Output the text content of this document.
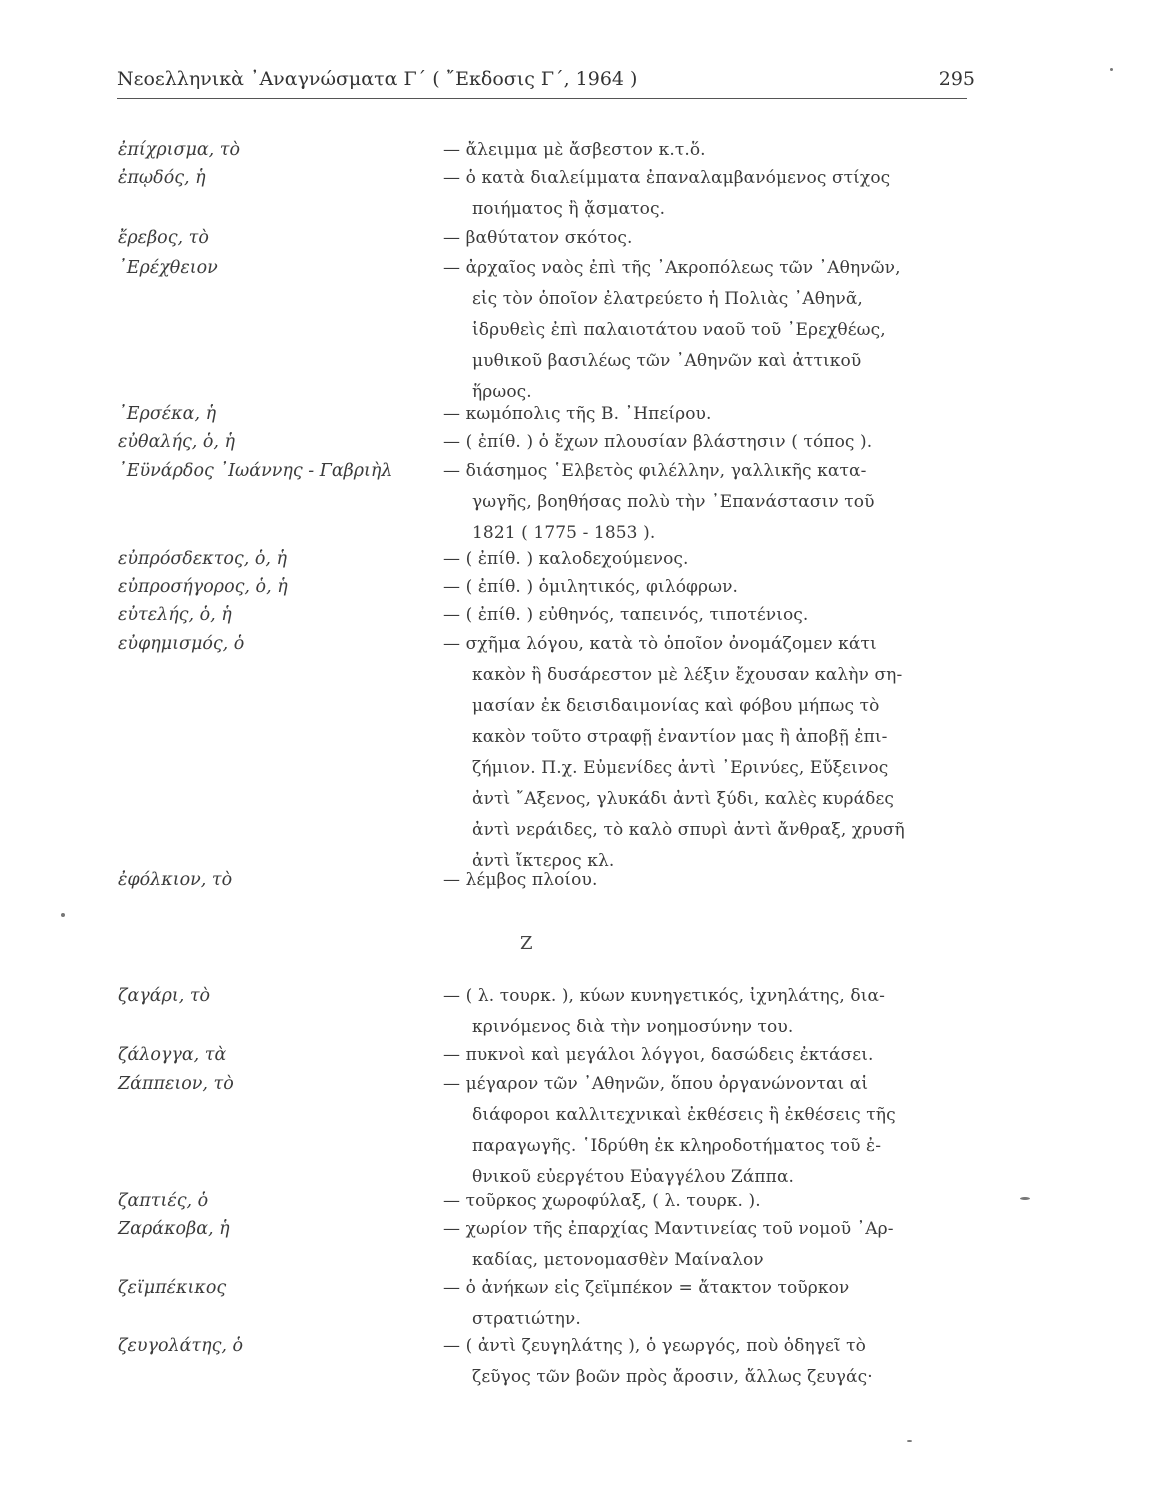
Νεοελληνικὰ ᾿Αναγνώσματα Γ΄ ( ῎Εκδοσις Γ΄, 1964 )	295
Ζ
ἐπίχρισμα, τὸ	— ἄλειμμα μὲ ἄσβεστον κ.τ.ὅ.
ἐπῳδός, ἡ	— ὁ κατὰ διαλείμματα ἐπαναλαμβανόμενος στίχος
ποιήματος ἢ ᾄσματος.
ἔρεβος, τὸ	— βαθύτατον σκότος.
᾿Ερέχθειον	— ἀρχαῖος ναὸς ἐπὶ τῆς ᾿Ακροπόλεως τῶν ᾿Αθηνῶν,
εἰς τὸν ὁποῖον ἐλατρεύετο ἡ Πολιὰς ᾿Αθηνᾶ,
ἱδρυθεὶς ἐπὶ παλαιοτάτου ναοῦ τοῦ ᾿Ερεχθέως,
μυθικοῦ βασιλέως τῶν ᾿Αθηνῶν καὶ ἀττικοῦ
ἥρωος.
᾿Ερσέκα, ἡ	— κωμόπολις τῆς Β. ᾿Ηπείρου.
εὐθαλής, ὁ, ἡ	— ( ἐπίθ. ) ὁ ἔχων πλουσίαν βλάστησιν ( τόπος ).
᾿Εϋνάρδος ᾿Ιωάννης - Γαβριὴλ	— διάσημος ῾Ελβετὸς φιλέλλην, γαλλικῆς κατα-
γωγῆς, βοηθήσας πολὺ τὴν ᾿Επανάστασιν τοῦ
1821 ( 1775 - 1853 ).
εὐπρόσδεκτος, ὁ, ἡ	— ( ἐπίθ. ) καλοδεχούμενος.
εὐπροσήγορος, ὁ, ἡ	— ( ἐπίθ. ) ὁμιλητικός, φιλόφρων.
εὐτελής, ὁ, ἡ	— ( ἐπίθ. ) εὐθηνός, ταπεινός, τιποτένιος.
εὐφημισμός, ὁ	— σχῆμα λόγου, κατὰ τὸ ὁποῖον ὀνομάζομεν κάτι
κακὸν ἢ δυσάρεστον μὲ λέξιν ἔχουσαν καλὴν ση-
μασίαν ἐκ δεισιδαιμονίας καὶ φόβου μήπως τὸ
κακὸν τοῦτο στραφῇ ἐναντίον μας ἢ ἀποβῇ ἐπι-
ζήμιον. Π.χ. Εὐμενίδες ἀντὶ ᾿Ερινύες, Εὔξεινος
ἀντὶ ῎Αξενος, γλυκάδι ἀντὶ ξύδι, καλὲς κυράδες
ἀντὶ νεράιδες, τὸ καλὸ σπυρὶ ἀντὶ ἄνθραξ, χρυσῆ
ἀντὶ ἴκτερος κλ.
ἐφόλκιον, τὸ	— λέμβος πλοίου.
ζαγάρι, τὸ	— ( λ. τουρκ. ), κύων κυνηγετικός, ἰχνηλάτης, δια-
κρινόμενος διὰ τὴν νοημοσύνην του.
ζάλογγα, τὰ	— πυκνοὶ καὶ μεγάλοι λόγγοι, δασώδεις ἐκτάσει.
Ζάππειον, τὸ	— μέγαρον τῶν ᾿Αθηνῶν, ὅπου ὀργανώνονται αἱ
διάφοροι καλλιτεχνικαὶ ἐκθέσεις ἢ ἐκθέσεις τῆς
παραγωγῆς. ῾Ιδρύθη ἐκ κληροδοτήματος τοῦ ἐ-
θνικοῦ εὐεργέτου Εὐαγγέλου Ζάππα.
ζαπτιές, ὁ	— τοῦρκος χωροφύλαξ, ( λ. τουρκ. ).
Ζαράκοβα, ἡ	— χωρίον τῆς ἐπαρχίας Μαντινείας τοῦ νομοῦ ᾿Αρ-
καδίας, μετονομασθὲν Μαίναλον
ζεϊμπέκικος	— ὁ ἀνήκων εἰς ζεϊμπέκον = ἄτακτον τοῦρκον
στρατιώτην.
ζευγολάτης, ὁ	— ( ἀντὶ ζευγηλάτης ), ὁ γεωργός, ποὺ ὁδηγεῖ τὸ
ζεῦγος τῶν βοῶν πρὸς ἄροσιν, ἄλλως ζευγάς·
